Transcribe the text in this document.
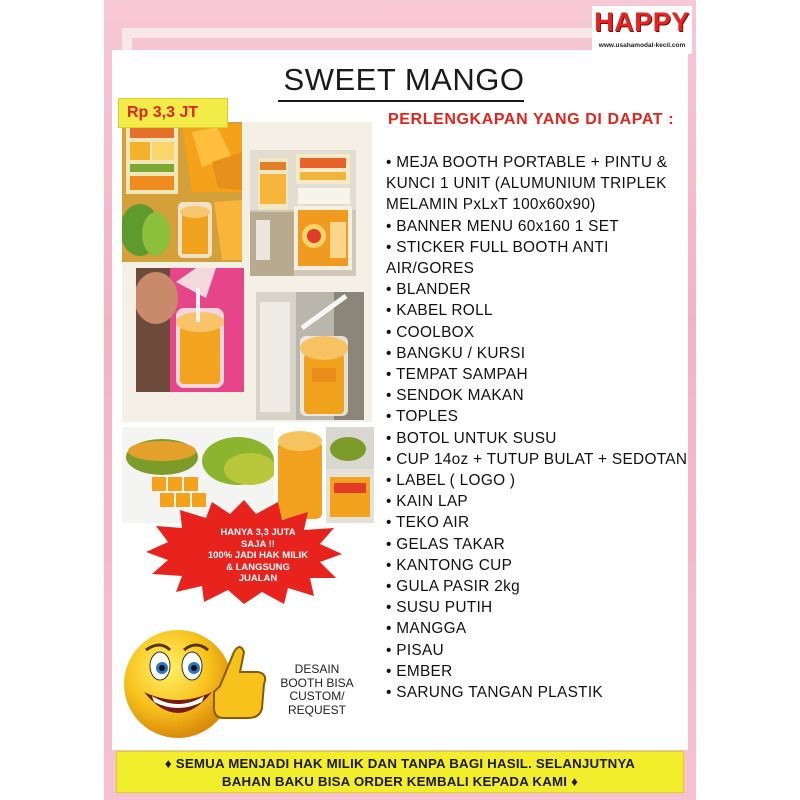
HAPPY
www.usahamodal-kecil.com
SWEET MANGO
Rp 3,3 JT
HANYA 3,3 JUTA
SAJA !!
100% JADI HAK MILIK
& LANGSUNG
JUALAN
DESAIN
BOOTH BISA
CUSTOM/
REQUEST
PERLENGKAPAN YANG DI DAPAT :
• MEJA BOOTH PORTABLE + PINTU & KUNCI 1 UNIT (ALUMUNIUM TRIPLEK MELAMIN PxLxT 100x60x90)
• BANNER MENU 60x160 1 SET
• STICKER FULL BOOTH ANTI AIR/GORES
• BLANDER
• KABEL ROLL
• COOLBOX
• BANGKU / KURSI
• TEMPAT SAMPAH
• SENDOK MAKAN
• TOPLES
• BOTOL UNTUK SUSU
• CUP 14oz + TUTUP BULAT + SEDOTAN
• LABEL ( LOGO )
• KAIN LAP
• TEKO AIR
• GELAS TAKAR
• KANTONG CUP
• GULA PASIR 2kg
• SUSU PUTIH
• MANGGA
• PISAU
• EMBER
• SARUNG TANGAN PLASTIK
♦ SEMUA MENJADI HAK MILIK DAN TANPA BAGI HASIL. SELANJUTNYA
BAHAN BAKU BISA ORDER KEMBALI KEPADA KAMI ♦
